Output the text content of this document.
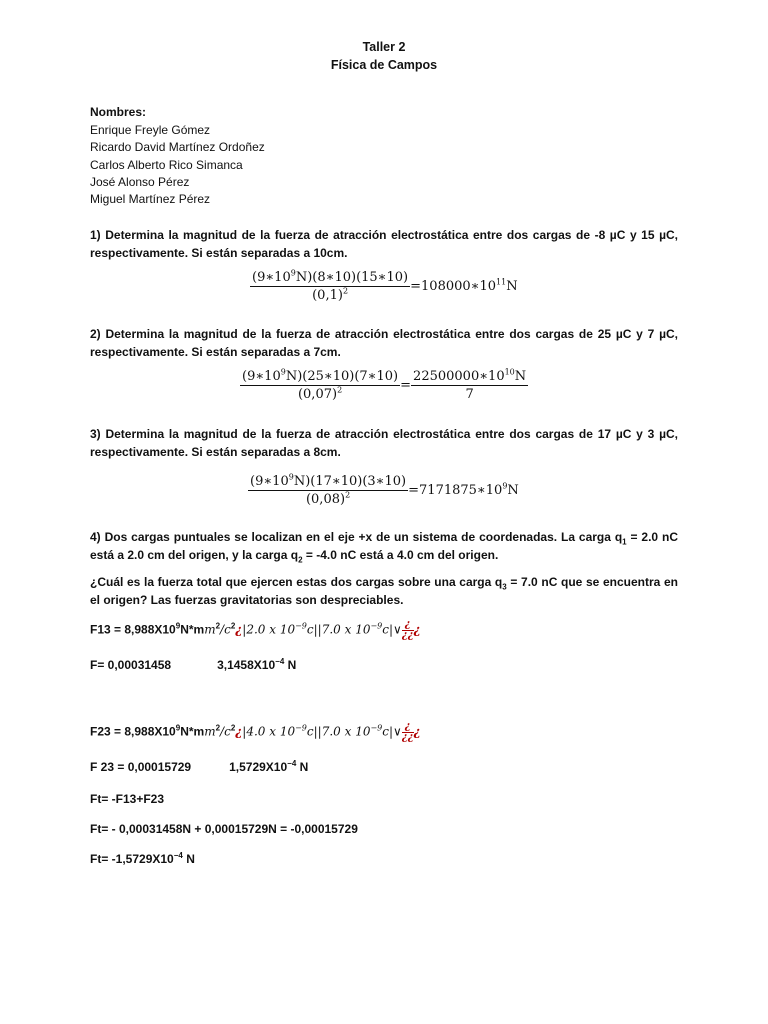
Taller 2
Física de Campos
Nombres:
Enrique Freyle Gómez
Ricardo David Martínez Ordoñez
Carlos Alberto Rico Simanca
José Alonso Pérez
Miguel Martínez Pérez
1) Determina la magnitud de la fuerza de atracción electrostática entre dos cargas de -8 µC y 15 µC, respectivamente. Si están separadas a 10cm.
$\frac{(9∗10^9N)(8∗10)(15∗10)}{(0,1)^2}$ $=108000∗10^{11}N$
2) Determina la magnitud de la fuerza de atracción electrostática entre dos cargas de 25 µC y 7 µC, respectivamente. Si están separadas a 7cm.
$\frac{(9∗10^9N)(25∗10)(7∗10)}{(0,07)^2} = \frac{22500000∗10^{10}N}{7}$
3) Determina la magnitud de la fuerza de atracción electrostática entre dos cargas de 17 µC y 3 µC, respectivamente. Si están separadas a 8cm.
$\frac{(9∗10^9N)(17∗10)(3∗10)}{(0,08)^2}$ $=7171875∗10^9N$
4) Dos cargas puntuales se localizan en el eje +x de un sistema de coordenadas. La carga $q_1 = 2.0$ nC está a 2.0 cm del origen, y la carga $q_2 = -4.0$ nC está a 4.0 cm del origen.
¿Cuál es la fuerza total que ejercen estas dos cargas sobre una carga $q_3 = 7.0$ nC que se encuentra en el origen? Las fuerzas gravitatorias son despreciables.
$F13 = 8,988X10^9N*mm^2/c^2¿|2.0$ x $10^{-9}c||7.0$ x $10^{-9}c|\vee \frac{¿}{¿¿}$ ¿
F= 0,00031458	$3,1458X10^{-4}$ N
$F23 = 8,988X10^9N*mm^2/c^2¿|4.0$ x $10^{-9}c||7.0$ x $10^{-9}c|\vee \frac{¿}{¿¿}$ ¿
F 23 = 0,00015729	$1,5729X10^{-4}$ N
Ft= -F13+F23
Ft= - 0,00031458N + 0,00015729N = -0,00015729
$Ft= -1,5729X10^{-4}$ N
